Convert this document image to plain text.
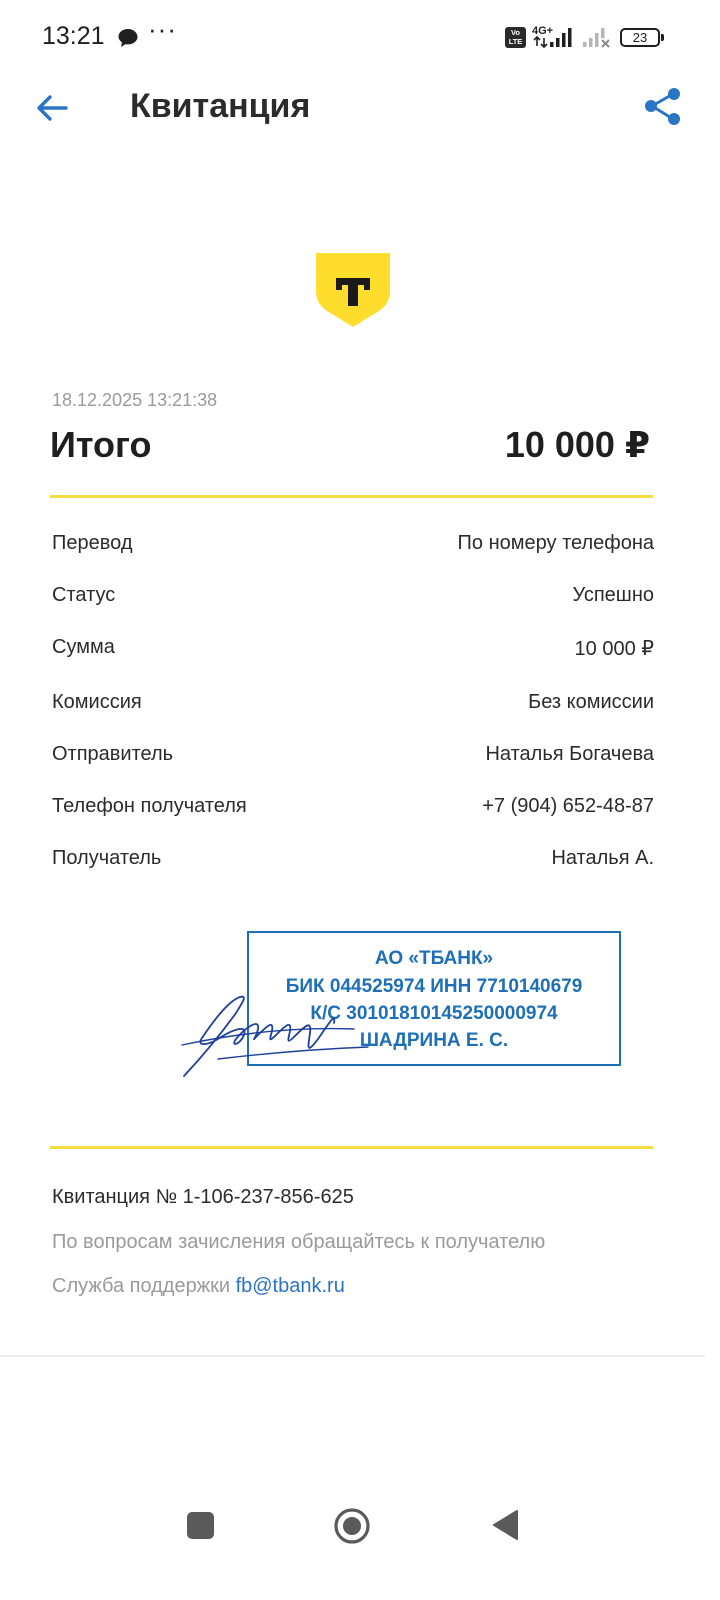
13:21 ···	Vo LTE
4G+	23
Квитанция
18.12.2025 13:21:38
Итого	10 000 ₽
Перевод	По номеру телефона
Статус	Успешно
Сумма	10 000 ₽
Комиссия	Без комиссии
Отправитель	Наталья Богачева
Телефон получателя	+7 (904) 652-48-87
Получатель	Наталья А.
АО «ТБАНК»
БИК 044525974 ИНН 7710140679
К/С 30101810145250000974
ШАДРИНА Е. С.
Квитанция № 1-106-237-856-625
По вопросам зачисления обращайтесь к получателю
Служба поддержки fb@tbank.ru
